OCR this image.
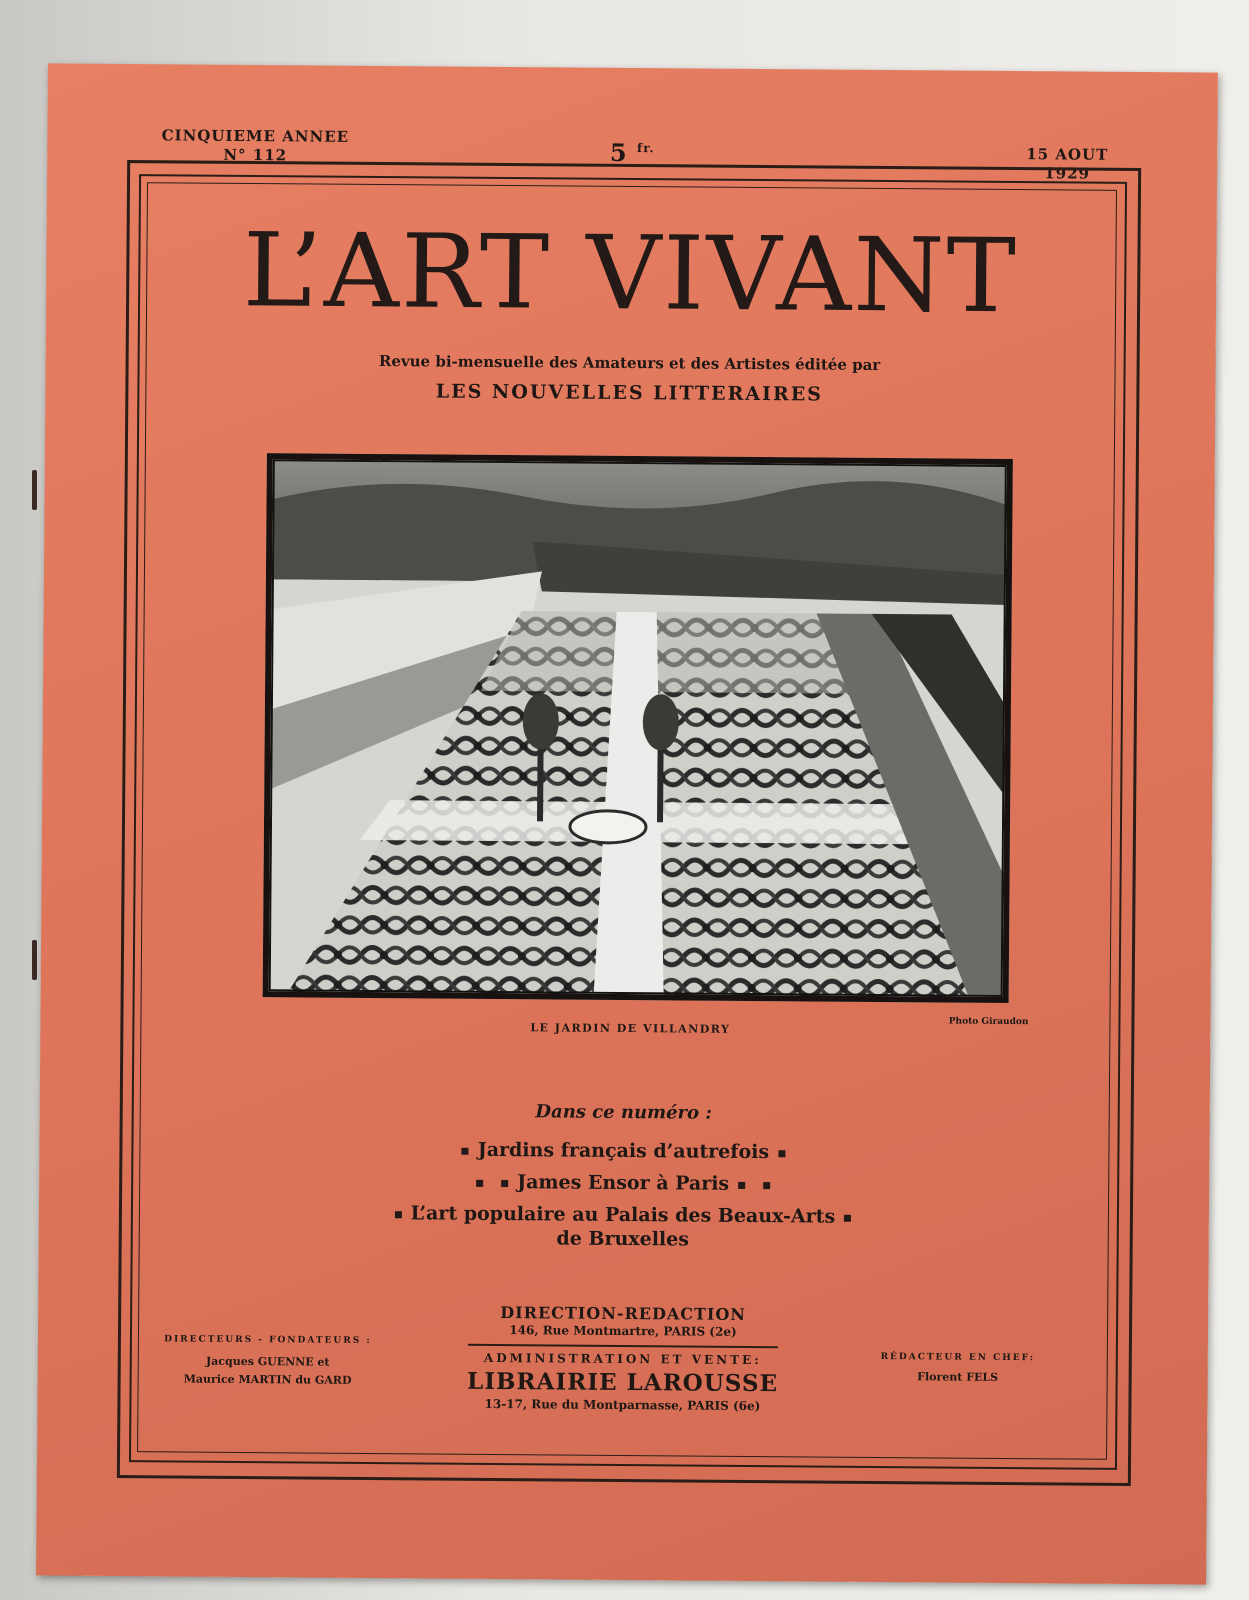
CINQUIEME ANNEE
N° 112	5 $^{fr.}$	15 AOUT
1929
L’ART VIVANT
Revue bi-mensuelle des Amateurs et des Artistes éditée par
LES NOUVELLES LITTERAIRES
LE JARDIN DE VILLANDRY	Photo Giraudon
Dans ce numéro :
Jardins français d’autrefois
James Ensor à Paris
L’art populaire au Palais des Beaux-Arts
de Bruxelles
DIRECTION-REDACTION
146, Rue Montmartre, PARIS (2e)
ADMINISTRATION ET VENTE:
LIBRAIRIE LAROUSSE
13-17, Rue du Montparnasse, PARIS (6e)
DIRECTEURS - FONDATEURS :
Jacques GUENNE et
Maurice MARTIN du GARD
RÉDACTEUR EN CHEF:
Florent FELS
